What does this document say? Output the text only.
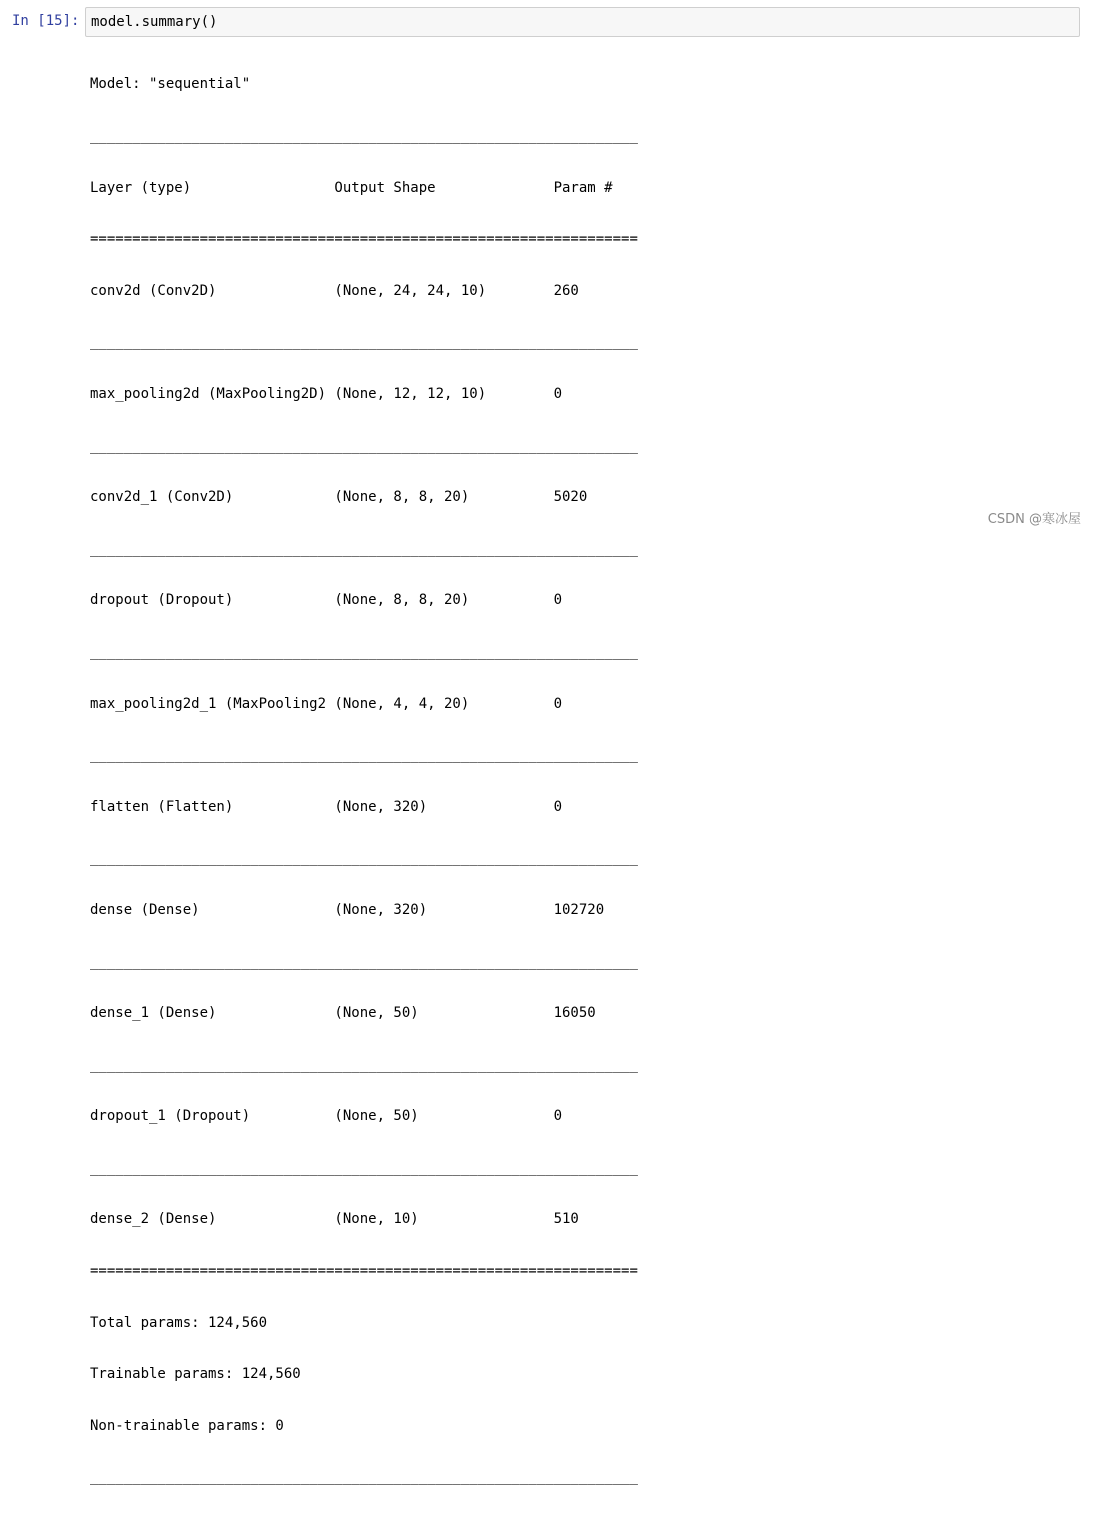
In [15]: model.summary()

Model: "sequential"

_________________________________________________________________

Layer (type)                 Output Shape              Param #

=================================================================

conv2d (Conv2D)              (None, 24, 24, 10)        260

_________________________________________________________________

max_pooling2d (MaxPooling2D) (None, 12, 12, 10)        0

_________________________________________________________________

conv2d_1 (Conv2D)            (None, 8, 8, 20)          5020

_________________________________________________________________

dropout (Dropout)            (None, 8, 8, 20)          0

_________________________________________________________________

max_pooling2d_1 (MaxPooling2 (None, 4, 4, 20)          0

_________________________________________________________________

flatten (Flatten)            (None, 320)               0

_________________________________________________________________

dense (Dense)                (None, 320)               102720

_________________________________________________________________

dense_1 (Dense)              (None, 50)                16050

_________________________________________________________________

dropout_1 (Dropout)          (None, 50)                0

_________________________________________________________________

dense_2 (Dense)              (None, 10)                510

=================================================================

Total params: 124,560

Trainable params: 124,560

Non-trainable params: 0

_________________________________________________________________

CSDN @寒冰屋
